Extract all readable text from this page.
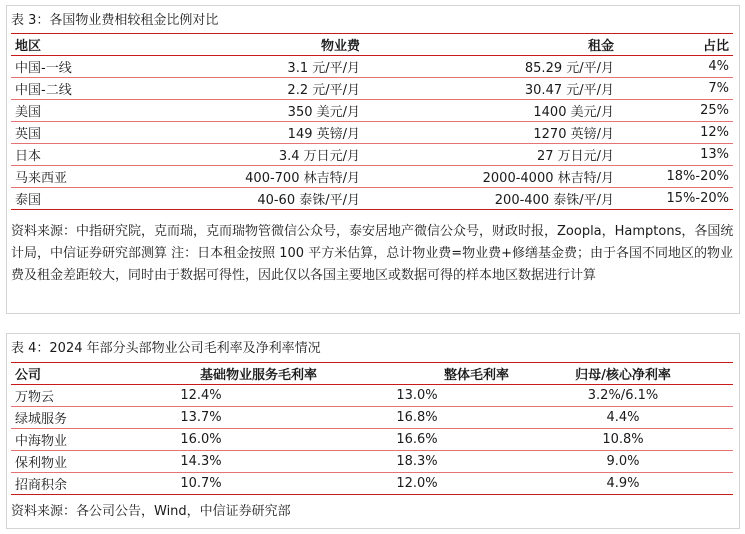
表 3：各国物业费相较租金比例对比
地区	物业费	租金	占比
中国-一线	3.1 元/平/月	85.29 元/平/月	4%
中国-二线	2.2 元/平/月	30.47 元/平/月	7%
美国	350 美元/月	1400 美元/月	25%
英国	149 英镑/月	1270 英镑/月	12%
日本	3.4 万日元/月	27 万日元/月	13%
马来西亚	400-700 林吉特/月	2000-4000 林吉特/月	18%-20%
泰国	40-60 泰铢/平/月	200-400 泰铢/平/月	15%-20%
资料来源：中指研究院，克而瑞，克而瑞物管微信公众号，泰安居地产微信公众号，财政时报，Zoopla，Hamptons，各国统计局，中信证券研究部测算 注：日本租金按照 100 平方米估算，总计物业费=物业费+修缮基金费；由于各国不同地区的物业费及租金差距较大，同时由于数据可得性，因此仅以各国主要地区或数据可得的样本地区数据进行计算
表 4：2024 年部分头部物业公司毛利率及净利率情况
公司	基础物业服务毛利率	整体毛利率	归母/核心净利率
万物云	12.4%	13.0%	3.2%/6.1%
绿城服务	13.7%	16.8%	4.4%
中海物业	16.0%	16.6%	10.8%
保利物业	14.3%	18.3%	9.0%
招商积余	10.7%	12.0%	4.9%
资料来源：各公司公告，Wind，中信证券研究部
